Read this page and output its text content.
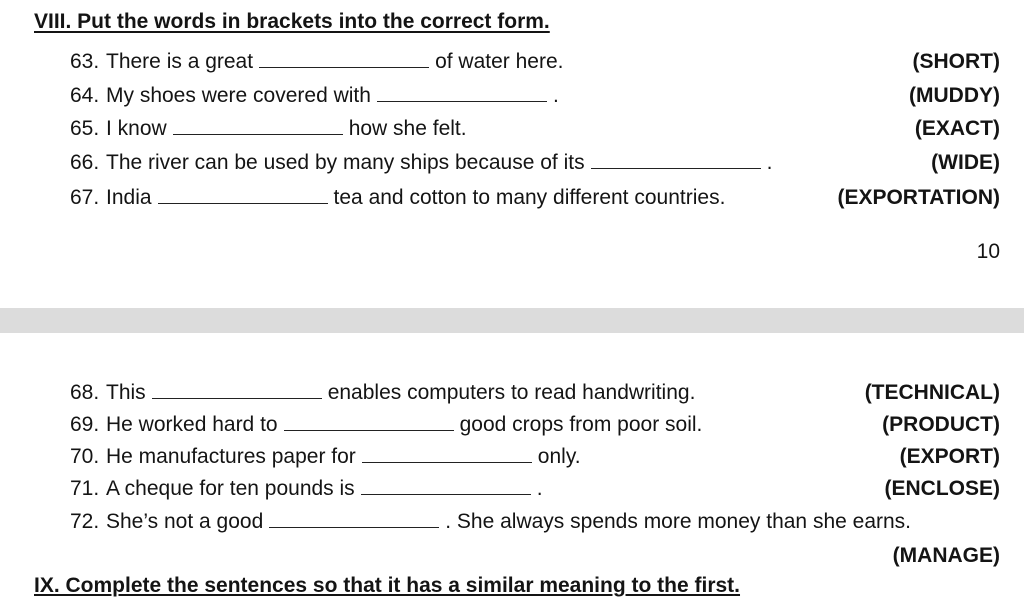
VIII. Put the words in brackets into the correct form.
63. There is a great	of water here.	(SHORT)
64. My shoes were covered with	.	(MUDDY)
65. I know	how she felt.	(EXACT)
66. The river can be used by many ships because of its	.	(WIDE)
67. India	tea and cotton to many different countries.	(EXPORTATION)
10
68. This	enables computers to read handwriting.	(TECHNICAL)
69. He worked hard to	good crops from poor soil.	(PRODUCT)
70. He manufactures paper for	only.	(EXPORT)
71. A cheque for ten pounds is	.	(ENCLOSE)
72. She’s not a good	. She always spends more money than she earns.
(MANAGE)
IX. Complete the sentences so that it has a similar meaning to the first.
